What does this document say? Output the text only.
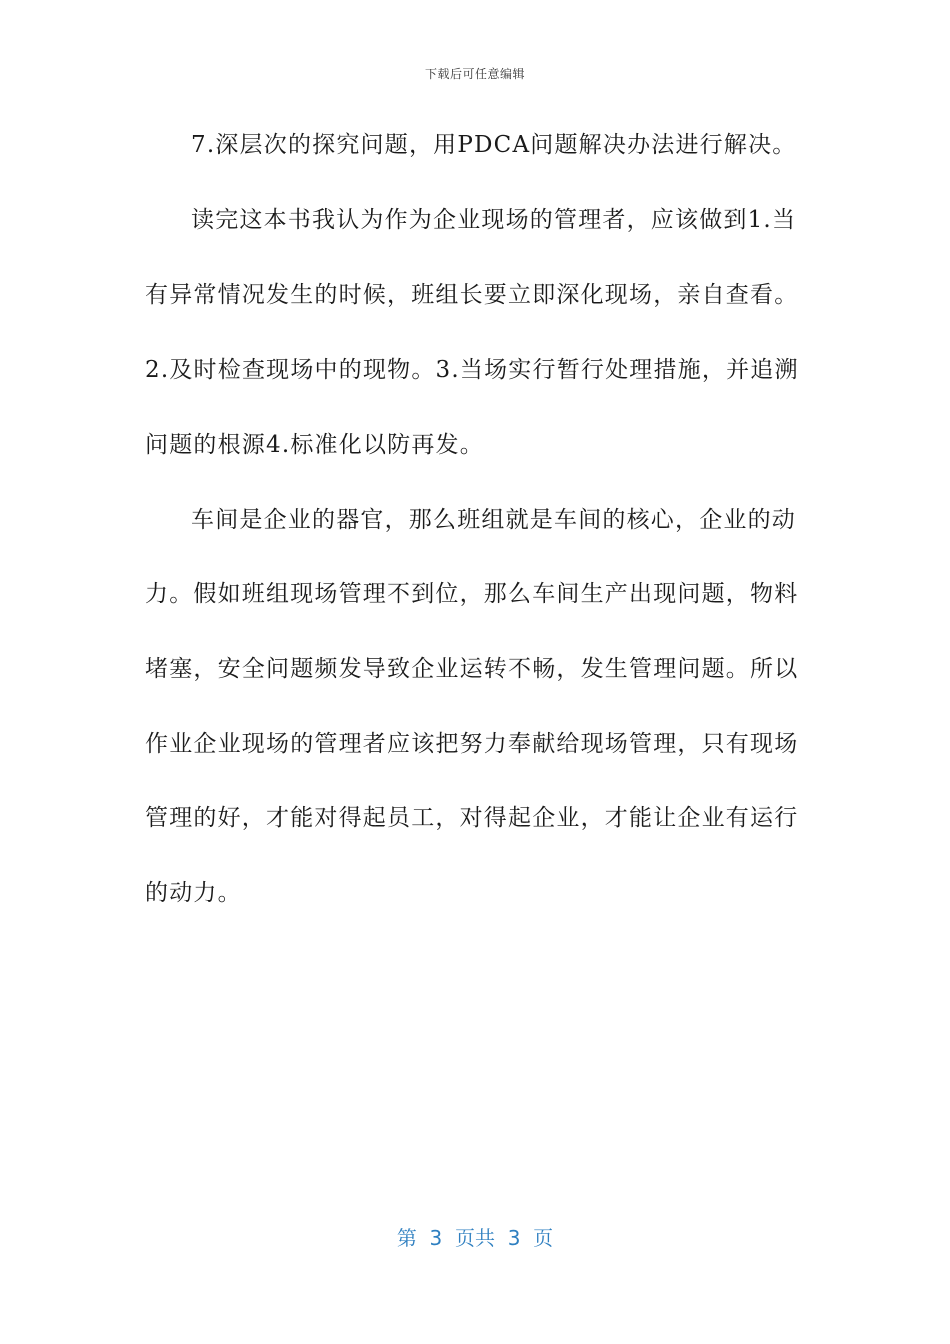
下载后可任意编辑
7.深层次的探究问题，用PDCA问题解决办法进行解决。
读完这本书我认为作为企业现场的管理者，应该做到1.当
有异常情况发生的时候，班组长要立即深化现场，亲自查看。
2.及时检查现场中的现物。3.当场实行暂行处理措施，并追溯
问题的根源4.标准化以防再发。
车间是企业的器官，那么班组就是车间的核心，企业的动
力。假如班组现场管理不到位，那么车间生产出现问题，物料
堵塞，安全问题频发导致企业运转不畅，发生管理问题。所以
作业企业现场的管理者应该把努力奉献给现场管理，只有现场
管理的好，才能对得起员工，对得起企业，才能让企业有运行
的动力。
第  3  页共  3  页
